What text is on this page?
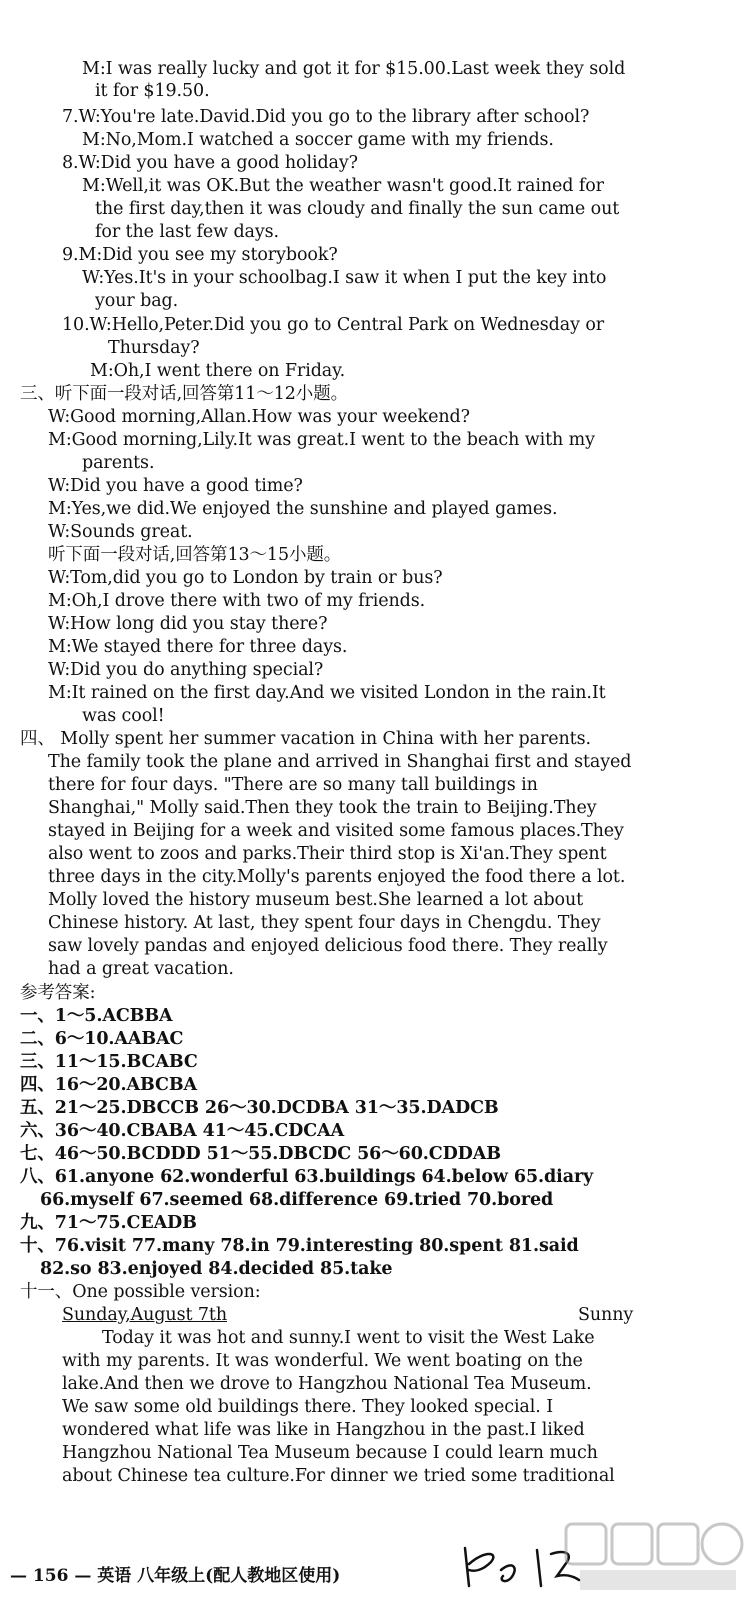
M:I was really lucky and got it for $15.00.Last week they sold
it for $19.50.
7.W:You're late.David.Did you go to the library after school?
M:No,Mom.I watched a soccer game with my friends.
8.W:Did you have a good holiday?
M:Well,it was OK.But the weather wasn't good.It rained for
the first day,then it was cloudy and finally the sun came out
for the last few days.
9.M:Did you see my storybook?
W:Yes.It's in your schoolbag.I saw it when I put the key into
your bag.
10.W:Hello,Peter.Did you go to Central Park on Wednesday or
Thursday?
M:Oh,I went there on Friday.
三、听下面一段对话,回答第11～12小题。
W:Good morning,Allan.How was your weekend?
M:Good morning,Lily.It was great.I went to the beach with my
parents.
W:Did you have a good time?
M:Yes,we did.We enjoyed the sunshine and played games.
W:Sounds great.
听下面一段对话,回答第13～15小题。
W:Tom,did you go to London by train or bus?
M:Oh,I drove there with two of my friends.
W:How long did you stay there?
M:We stayed there for three days.
W:Did you do anything special?
M:It rained on the first day.And we visited London in the rain.It
was cool!
四、 Molly spent her summer vacation in China with her parents.
The family took the plane and arrived in Shanghai first and stayed
there for four days. "There are so many tall buildings in
Shanghai," Molly said.Then they took the train to Beijing.They
stayed in Beijing for a week and visited some famous places.They
also went to zoos and parks.Their third stop is Xi'an.They spent
three days in the city.Molly's parents enjoyed the food there a lot.
Molly loved the history museum best.She learned a lot about
Chinese history. At last, they spent four days in Chengdu. They
saw lovely pandas and enjoyed delicious food there. They really
had a great vacation.
参考答案:
一、1～5.ACBBA
二、6～10.AABAC
三、11～15.BCABC
四、16～20.ABCBA
五、21～25.DBCCB 26～30.DCDBA 31～35.DADCB
六、36～40.CBABA 41～45.CDCAA
七、46～50.BCDDD 51～55.DBCDC 56～60.CDDAB
八、61.anyone 62.wonderful 63.buildings 64.below 65.diary
66.myself 67.seemed 68.difference 69.tried 70.bored
九、71～75.CEADB
十、76.visit 77.many 78.in 79.interesting 80.spent 81.said
82.so 83.enjoyed 84.decided 85.take
十一、One possible version:
Sunday,August 7th	Sunny
Today it was hot and sunny.I went to visit the West Lake
with my parents. It was wonderful. We went boating on the
lake.And then we drove to Hangzhou National Tea Museum.
We saw some old buildings there. They looked special. I
wondered what life was like in Hangzhou in the past.I liked
Hangzhou National Tea Museum because I could learn much
about Chinese tea culture.For dinner we tried some traditional
— 156 — 英语 八年级上(配人教地区使用)
